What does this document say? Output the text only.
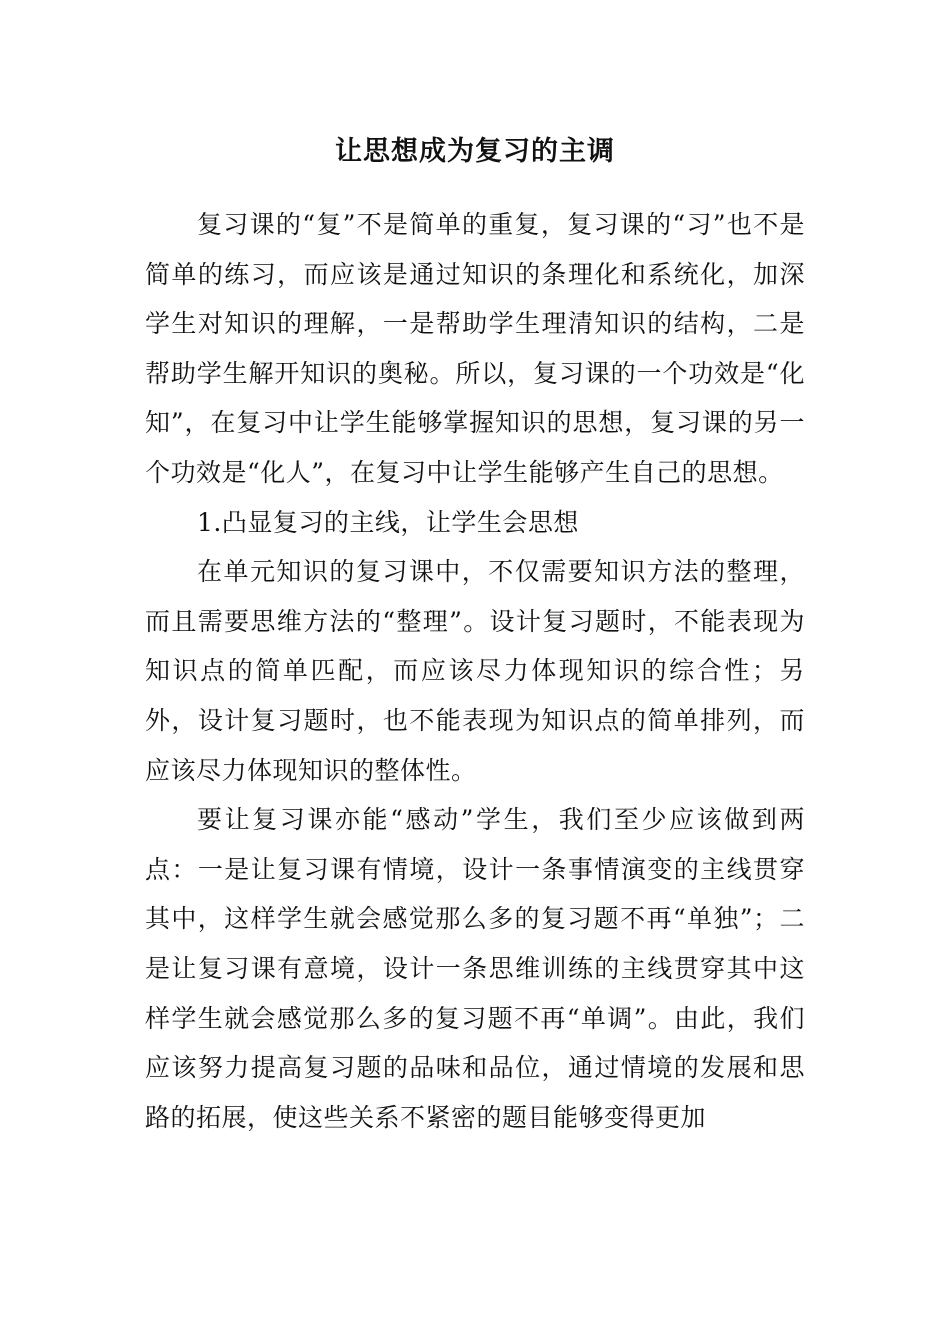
让思想成为复习的主调

复习课的“复”不是简单的重复，复习课的“习”也不是简单的练习，而应该是通过知识的条理化和系统化，加深学生对知识的理解，一是帮助学生理清知识的结构，二是帮助学生解开知识的奥秘。所以，复习课的一个功效是“化知”，在复习中让学生能够掌握知识的思想，复习课的另一个功效是“化人”，在复习中让学生能够产生自己的思想。

1.凸显复习的主线，让学生会思想

在单元知识的复习课中，不仅需要知识方法的整理，而且需要思维方法的“整理”。设计复习题时，不能表现为知识点的简单匹配，而应该尽力体现知识的综合性；另外，设计复习题时，也不能表现为知识点的简单排列，而应该尽力体现知识的整体性。

要让复习课亦能“感动”学生，我们至少应该做到两点：一是让复习课有情境，设计一条事情演变的主线贯穿其中，这样学生就会感觉那么多的复习题不再“单独”；二是让复习课有意境，设计一条思维训练的主线贯穿其中这样学生就会感觉那么多的复习题不再“单调”。由此，我们应该努力提高复习题的品味和品位，通过情境的发展和思路的拓展，使这些关系不紧密的题目能够变得更加
